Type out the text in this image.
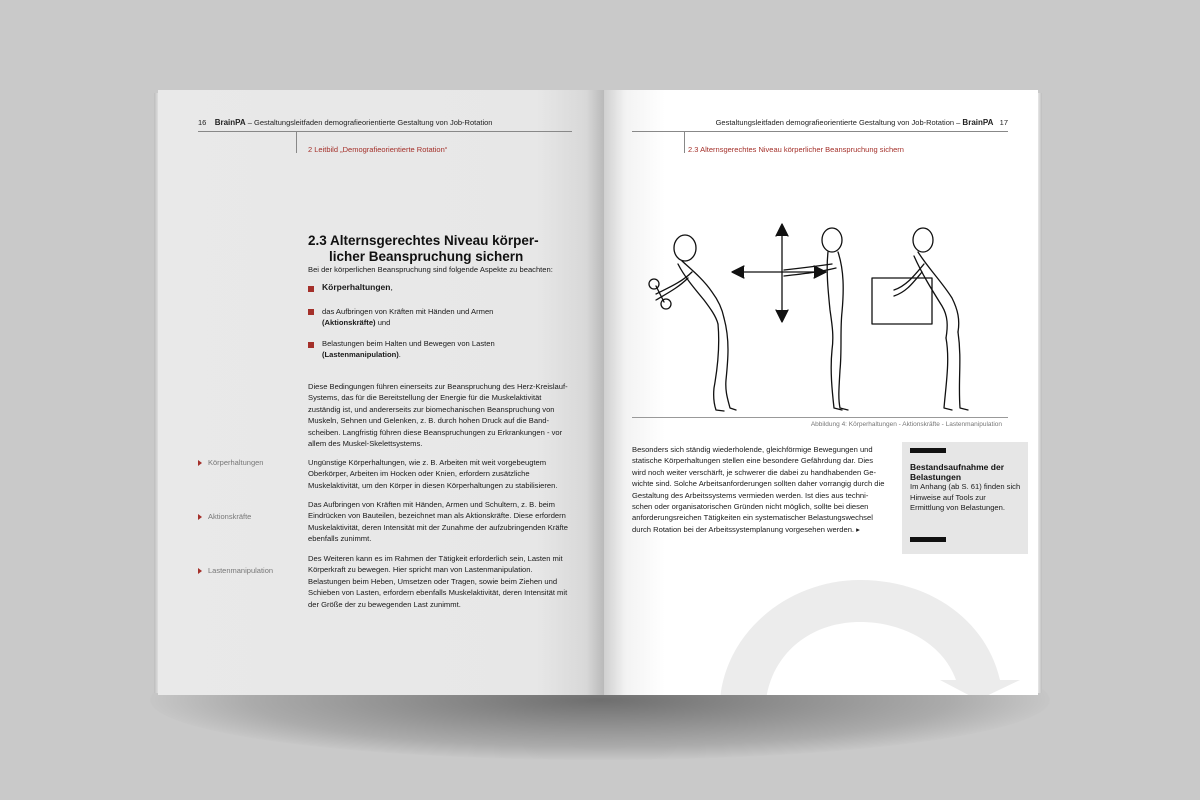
16 BrainPA – Gestaltungsleitfaden demografieorientierte Gestaltung von Job-Rotation
2 Leitbild „Demografieorientierte Rotation“
2.3 Alternsgerechtes Niveau körper-
licher Beanspruchung sichern
Bei der körperlichen Beanspruchung sind folgende Aspekte zu beachten:
Körperhaltungen,
das Aufbringen von Kräften mit Händen und Armen
(Aktionskräfte) und
Belastungen beim Halten und Bewegen von Lasten
(Lastenmanipulation).
Diese Bedingungen führen einerseits zur Beanspruchung des Herz-Kreislauf-Systems, das für die Bereitstellung der Energie für die Muskelaktivität zuständig ist, und andererseits zur biomechanischen Beanspruchung von Muskeln, Sehnen und Gelenken, z. B. durch hohen Druck auf die Band-scheiben. Langfristig führen diese Beanspruchungen zu Erkrankungen - vor allem des Muskel-Skelettsystems.
Körperhaltungen	Ungünstige Körperhaltungen, wie z. B. Arbeiten mit weit vorgebeugtem Oberkörper, Arbeiten im Hocken oder Knien, erfordern zusätzliche Muskelaktivität, um den Körper in diesen Körperhaltungen zu stabilisieren.
Aktionskräfte
Das Aufbringen von Kräften mit Händen, Armen und Schultern, z. B. beim Eindrücken von Bauteilen, bezeichnet man als Aktionskräfte. Diese erfordern Muskelaktivität, deren Intensität mit der Zunahme der aufzubringenden Kräfte ebenfalls zunimmt.
Lastenmanipulation
Des Weiteren kann es im Rahmen der Tätigkeit erforderlich sein, Lasten mit Körperkraft zu bewegen. Hier spricht man von Lastenmanipulation. Belastungen beim Heben, Umsetzen oder Tragen, sowie beim Ziehen und Schieben von Lasten, erfordern ebenfalls Muskelaktivität, deren Intensität mit der Größe der zu bewegenden Last zunimmt.
Gestaltungsleitfaden demografieorientierte Gestaltung von Job-Rotation – BrainPA 17
2.3 Alternsgerechtes Niveau körperlicher Beanspruchung sichern
Abbildung 4: Körperhaltungen - Aktionskräfte - Lastenmanipulation
Besonders sich ständig wiederholende, gleichförmige Bewegungen und statische Körperhaltungen stellen eine besondere Gefährdung dar. Dies wird noch weiter verschärft, je schwerer die dabei zu handhabenden Ge-wichte sind. Solche Arbeitsanforderungen sollten daher vorrangig durch die Gestaltung des Arbeitssystems vermieden werden. Ist dies aus techni-schen oder organisatorischen Gründen nicht möglich, sollte bei diesen anforderungsreichen Tätigkeiten ein systematischer Belastungswechsel durch Rotation bei der Arbeitssystemplanung vorgesehen werden. ▸
Bestandsaufnahme der Belastungen
Im Anhang (ab S. 61) finden sich Hinweise auf Tools zur Ermittlung von Belastungen.
